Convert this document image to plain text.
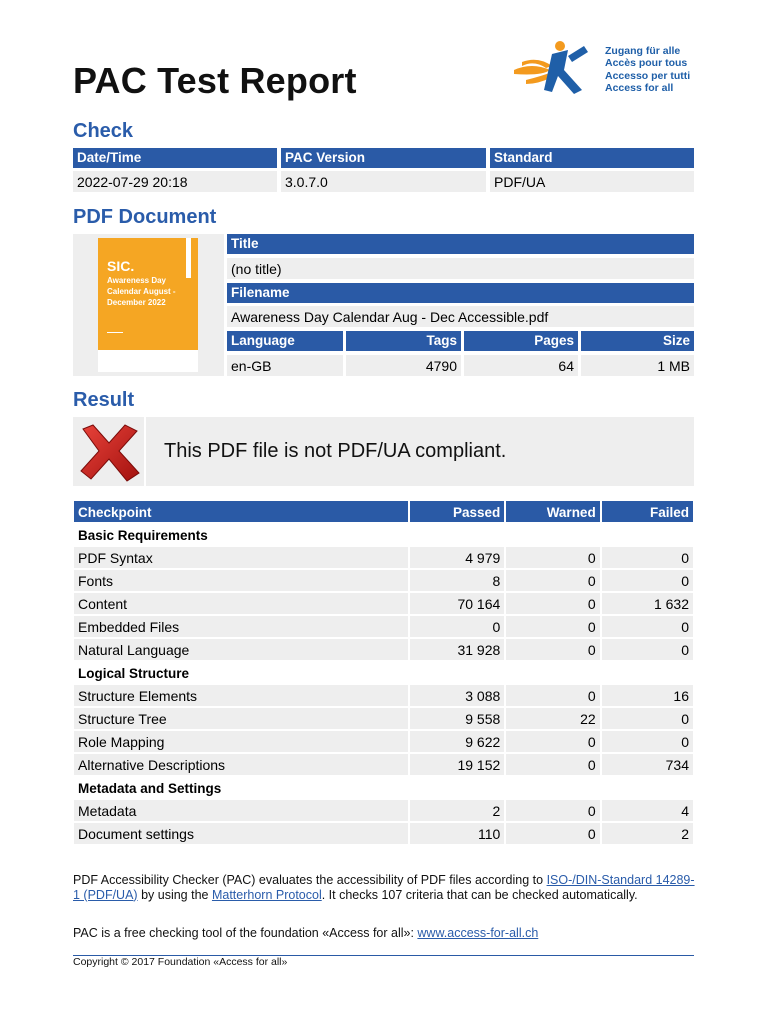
PAC Test Report
Zugang für alle
Accès pour tous
Accesso per tutti
Access for all
Check
Date/Time	PAC Version	Standard
2022-07-29 20:18	3.0.7.0	PDF/UA
PDF Document
SIC.
Awareness Day Calendar August - December 2022
Title
(no title)
Filename
Awareness Day Calendar Aug - Dec Accessible.pdf
Language	Tags	Pages	Size
en-GB	4790	64	1 MB
Result
This PDF file is not PDF/UA compliant.
Checkpoint	Passed	Warned	Failed
Basic Requirements			
PDF Syntax	4 979	0	0
Fonts	8	0	0
Content	70 164	0	1 632
Embedded Files	0	0	0
Natural Language	31 928	0	0
Logical Structure			
Structure Elements	3 088	0	16
Structure Tree	9 558	22	0
Role Mapping	9 622	0	0
Alternative Descriptions	19 152	0	734
Metadata and Settings			
Metadata	2	0	4
Document settings	110	0	2
PDF Accessibility Checker (PAC) evaluates the accessibility of PDF files according to ISO-/DIN-Standard 14289-1 (PDF/UA) by using the Matterhorn Protocol. It checks 107 criteria that can be checked automatically.
PAC is a free checking tool of the foundation «Access for all»: www.access-for-all.ch
Copyright © 2017 Foundation «Access for all»
